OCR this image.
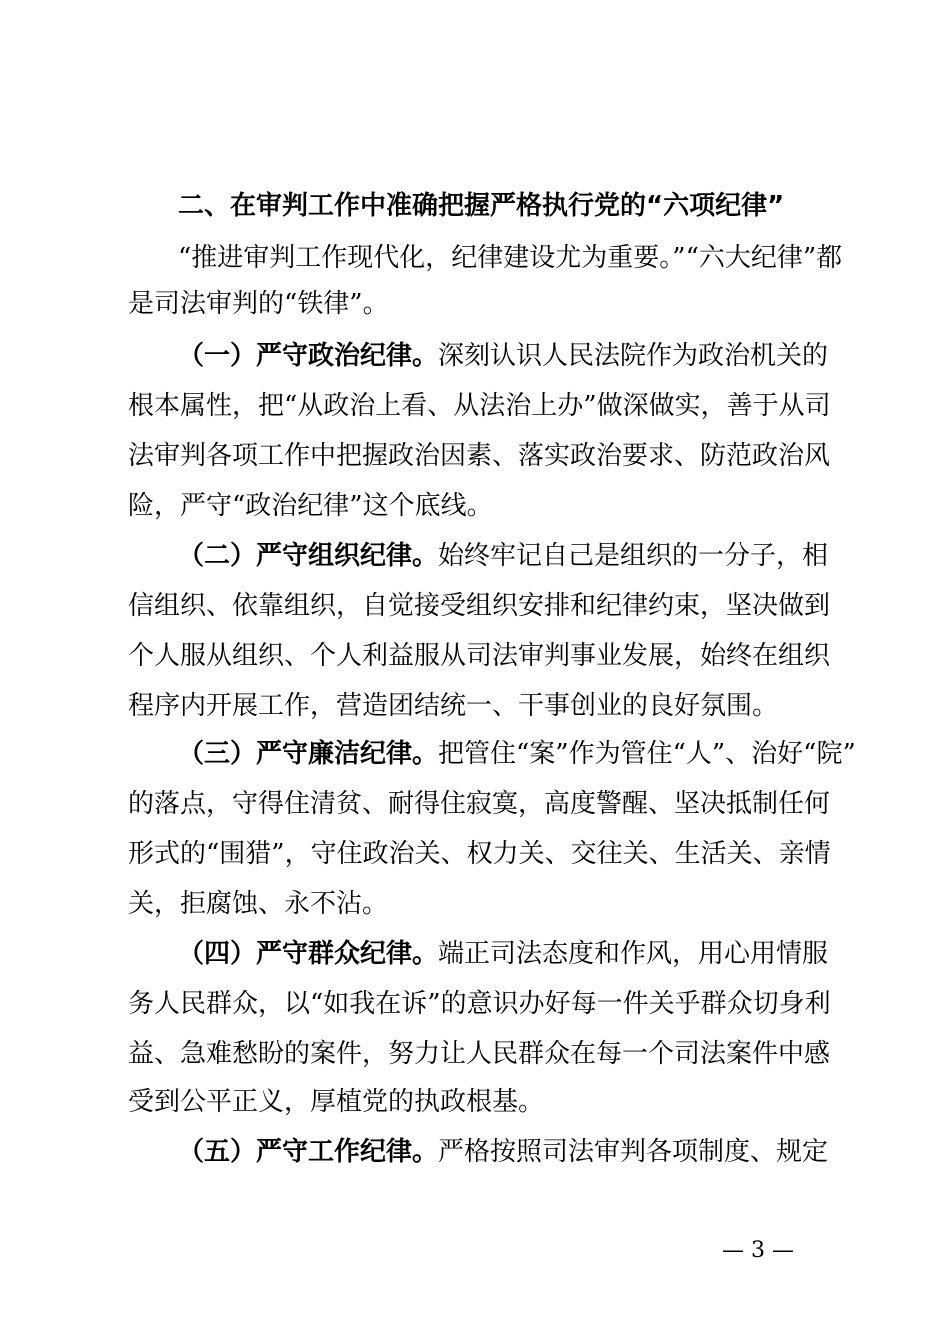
二、在审判工作中准确把握严格执行党的“六项纪律”

“推进审判工作现代化，纪律建设尤为重要。”“六大纪律”都

是司法审判的“铁律”。

（一）严守政治纪律。深刻认识人民法院作为政治机关的

根本属性，把“从政治上看、从法治上办”做深做实，善于从司

法审判各项工作中把握政治因素、落实政治要求、防范政治风

险，严守“政治纪律”这个底线。

（二）严守组织纪律。始终牢记自己是组织的一分子，相

信组织、依靠组织，自觉接受组织安排和纪律约束，坚决做到

个人服从组织、个人利益服从司法审判事业发展，始终在组织

程序内开展工作，营造团结统一、干事创业的良好氛围。

（三）严守廉洁纪律。把管住“案”作为管住“人”、治好“院”

的落点，守得住清贫、耐得住寂寞，高度警醒、坚决抵制任何

形式的“围猎”，守住政治关、权力关、交往关、生活关、亲情

关，拒腐蚀、永不沾。

（四）严守群众纪律。端正司法态度和作风，用心用情服

务人民群众，以“如我在诉”的意识办好每一件关乎群众切身利

益、急难愁盼的案件，努力让人民群众在每一个司法案件中感

受到公平正义，厚植党的执政根基。

（五）严守工作纪律。严格按照司法审判各项制度、规定

— 3 —
